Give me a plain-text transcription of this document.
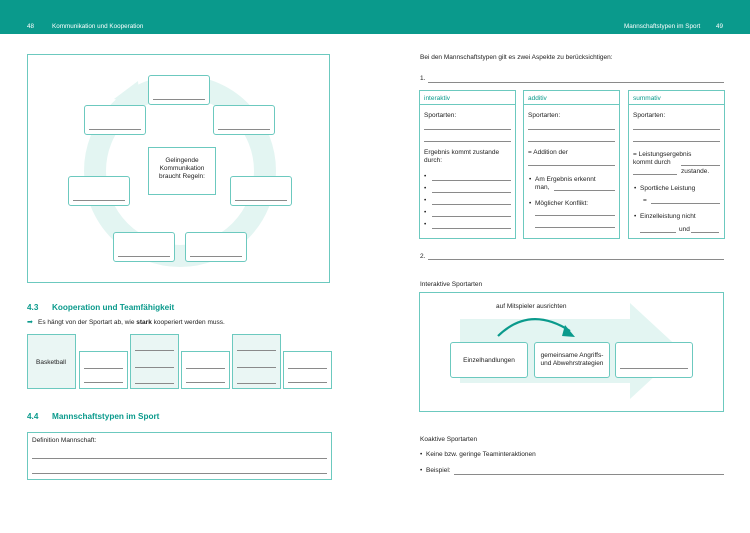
48	Kommunikation und Kooperation	Mannschaftstypen im Sport 49
Gelingende
Kommunikation
braucht Regeln:
4.3 Kooperation und Teamfähigkeit
➡ Es hängt von der Sportart ab, wie stark kooperiert werden muss.
Basketball
4.4 Mannschaftstypen im Sport
Definition Mannschaft:
Bei den Mannschaftstypen gilt es zwei Aspekte zu berücksichtigen:
1.
interaktiv
Sportarten:
Ergebnis kommt zustande
durch:
additiv
Sportarten:
= Addition der
• Am Ergebnis erkennt
man,
• Möglicher Konflikt:
summativ
Sportarten:
= Leistungsergebnis
kommt durch
zustande.
• Sportliche Leistung
=
• Einzelleistung nicht
und
2.
Interaktive Sportarten
auf Mitspieler ausrichten
Einzelhandlungen
gemeinsame Angriffs-
und Abwehrstrategien
Koaktive Sportarten
• Keine bzw. geringe Teaminteraktionen
• Beispiel:
